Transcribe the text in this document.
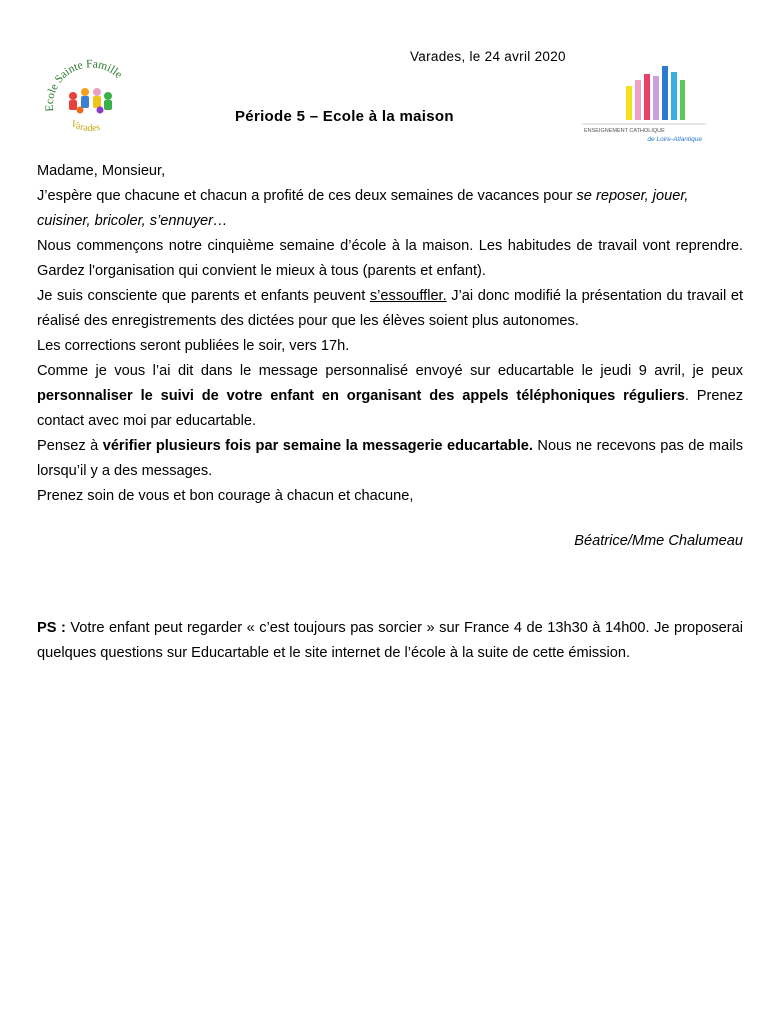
Ecole Sainte Famille
Varades	ENSEIGNEMENT CATHOLIQUE
de Loire-Atlantique
Varades, le 24 avril 2020
Période 5 – Ecole à la maison

Madame, Monsieur,

J’espère que chacune et chacun a profité de ces deux semaines de vacances pour se reposer, jouer, cuisiner, bricoler, s’ennuyer…

Nous commençons notre cinquième semaine d’école à la maison. Les habitudes de travail vont reprendre. Gardez l'organisation qui convient le mieux à tous (parents et enfant).

Je suis consciente que parents et enfants peuvent s’essouffler. J’ai donc modifié la présentation du travail et réalisé des enregistrements des dictées pour que les élèves soient plus autonomes.

Les corrections seront publiées le soir, vers 17h.

Comme je vous l’ai dit dans le message personnalisé envoyé sur educartable le jeudi 9 avril, je peux personnaliser le suivi de votre enfant en organisant des appels téléphoniques réguliers. Prenez contact avec moi par educartable.

Pensez à vérifier plusieurs fois par semaine la messagerie educartable. Nous ne recevons pas de mails lorsqu’il y a des messages.

Prenez soin de vous et bon courage à chacun et chacune,

Béatrice/Mme Chalumeau
PS : Votre enfant peut regarder « c’est toujours pas sorcier » sur France 4 de 13h30 à 14h00. Je proposerai quelques questions sur Educartable et le site internet de l’école à la suite de cette émission.
